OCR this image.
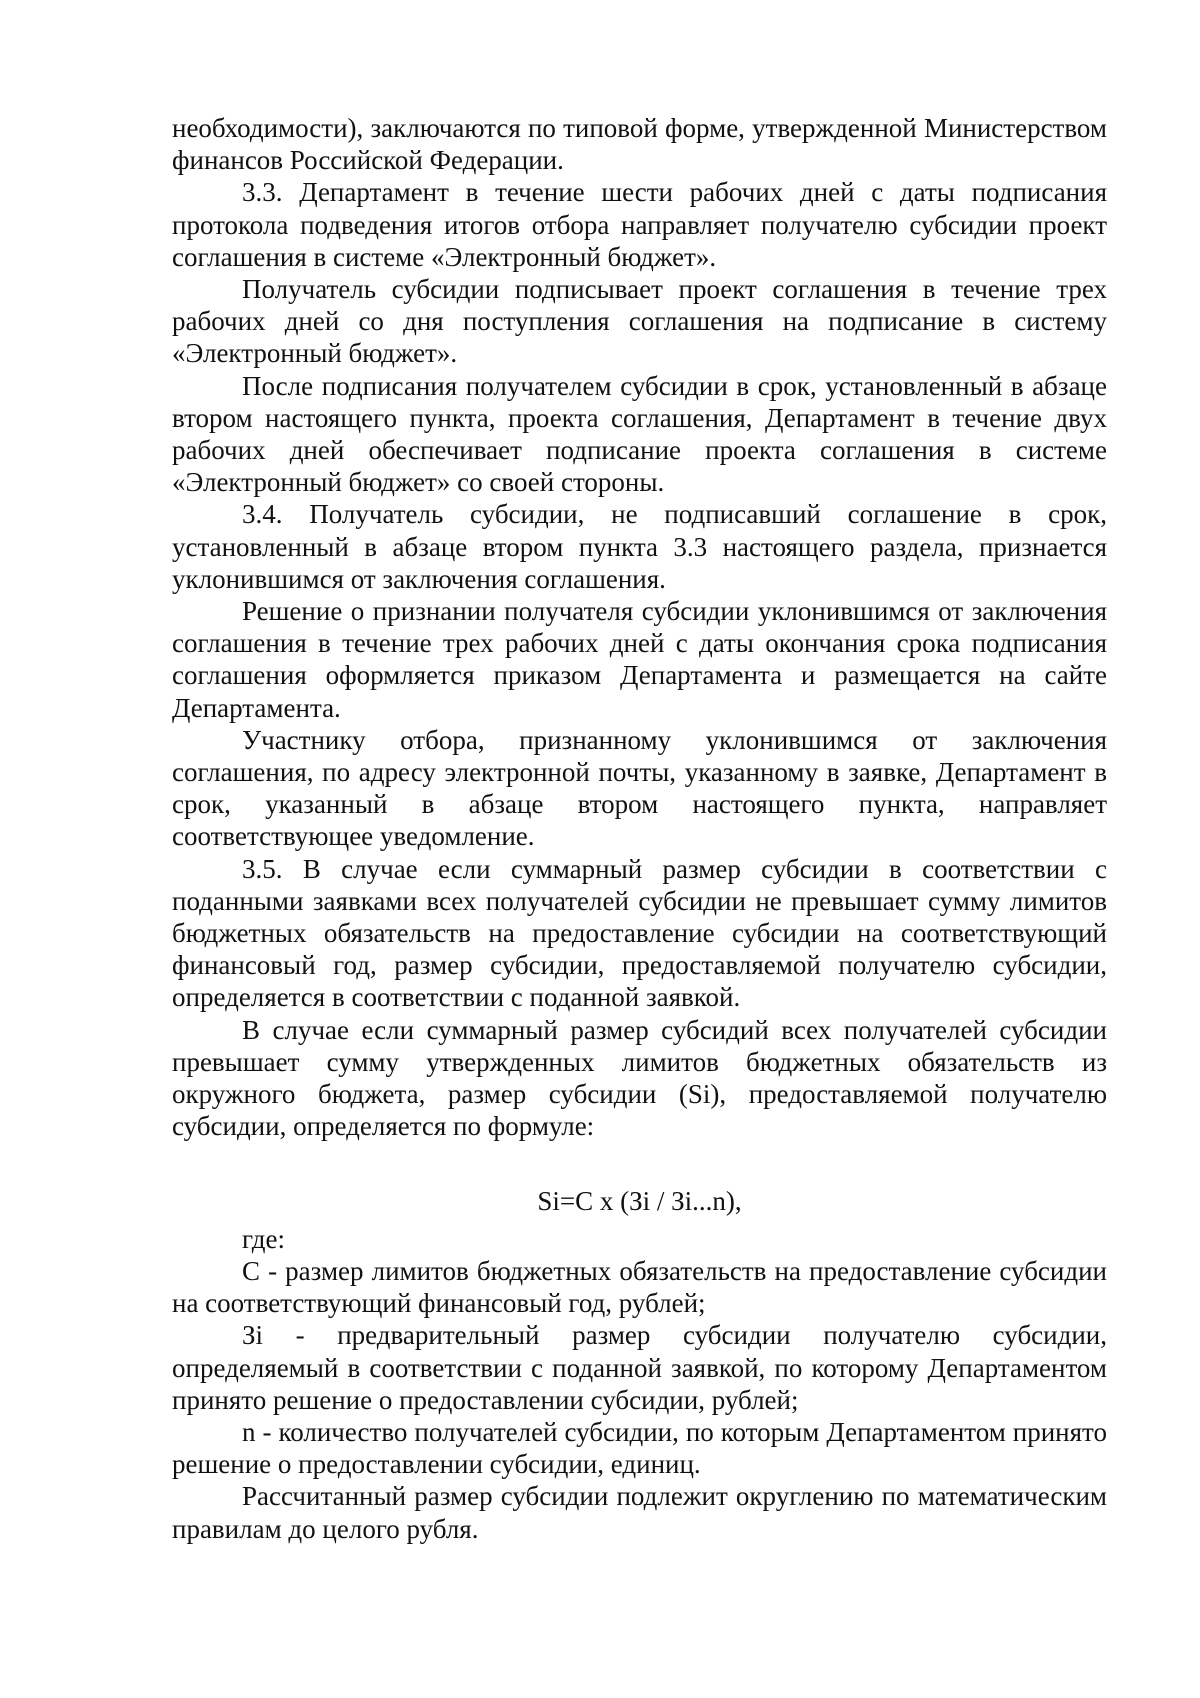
необходимости), заключаются по типовой форме, утвержденной Министерством финансов Российской Федерации.

3.3. Департамент в течение шести рабочих дней с даты подписания протокола подведения итогов отбора направляет получателю субсидии проект соглашения в системе «Электронный бюджет».

Получатель субсидии подписывает проект соглашения в течение трех рабочих дней со дня поступления соглашения на подписание в систему «Электронный бюджет».

После подписания получателем субсидии в срок, установленный в абзаце втором настоящего пункта, проекта соглашения, Департамент в течение двух рабочих дней обеспечивает подписание проекта соглашения в системе «Электронный бюджет» со своей стороны.

3.4. Получатель субсидии, не подписавший соглашение в срок, установленный в абзаце втором пункта 3.3 настоящего раздела, признается уклонившимся от заключения соглашения.

Решение о признании получателя субсидии уклонившимся от заключения соглашения в течение трех рабочих дней с даты окончания срока подписания соглашения оформляется приказом Департамента и размещается на сайте Департамента.

Участнику отбора, признанному уклонившимся от заключения соглашения, по адресу электронной почты, указанному в заявке, Департамент в срок, указанный в абзаце втором настоящего пункта, направляет соответствующее уведомление.

3.5. В случае если суммарный размер субсидии в соответствии с поданными заявками всех получателей субсидии не превышает сумму лимитов бюджетных обязательств на предоставление субсидии на соответствующий финансовый год, размер субсидии, предоставляемой получателю субсидии, определяется в соответствии с поданной заявкой.

В случае если суммарный размер субсидий всех получателей субсидии превышает сумму утвержденных лимитов бюджетных обязательств из окружного бюджета, размер субсидии (Si), предоставляемой получателю субсидии, определяется по формуле:

Si=C x (Зi / Зi...n),

где:

C - размер лимитов бюджетных обязательств на предоставление субсидии на соответствующий финансовый год, рублей;

Зi - предварительный размер субсидии получателю субсидии, определяемый в соответствии с поданной заявкой, по которому Департаментом принято решение о предоставлении субсидии, рублей;

n - количество получателей субсидии, по которым Департаментом принято решение о предоставлении субсидии, единиц.

Рассчитанный размер субсидии подлежит округлению по математическим правилам до целого рубля.
